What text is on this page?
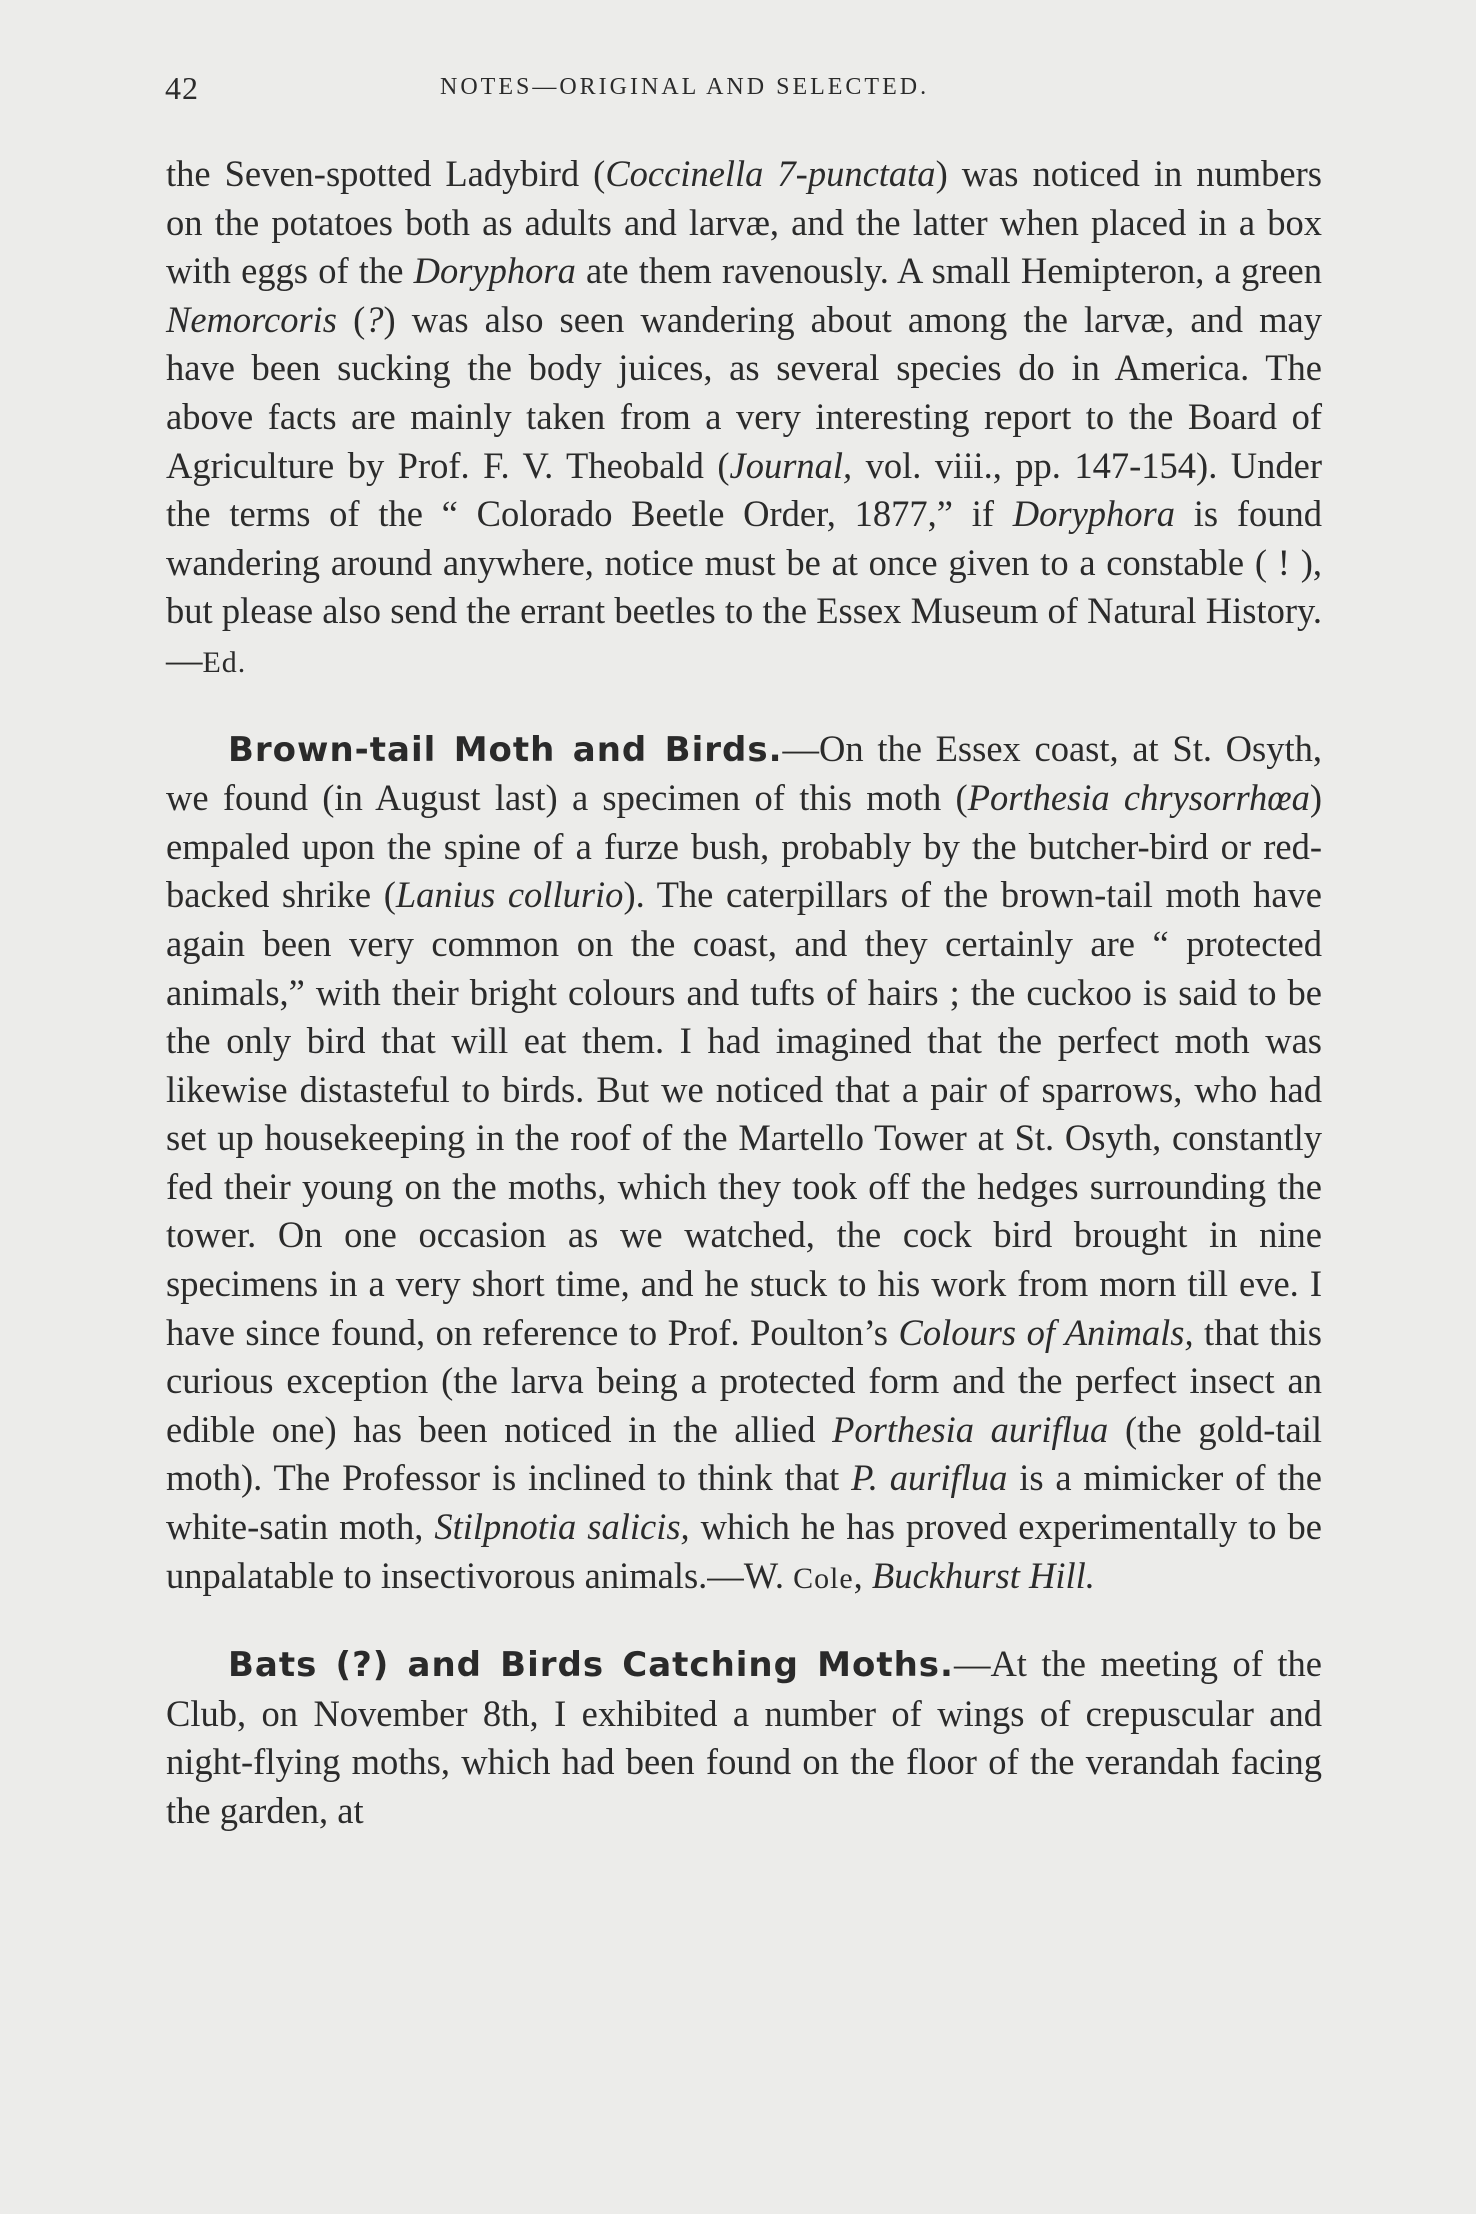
42	NOTES—ORIGINAL AND SELECTED.

the Seven-spotted Ladybird (Coccinella 7-punctata) was noticed in numbers on the potatoes both as adults and larvæ, and the latter when placed in a box with eggs of the Doryphora ate them ravenously. A small Hemipteron, a green Nemorcoris (?) was also seen wandering about among the larvæ, and may have been sucking the body juices, as several species do in America. The above facts are mainly taken from a very interesting report to the Board of Agriculture by Prof. F. V. Theobald (Journal, vol. viii., pp. 147-154). Under the terms of the “ Colorado Beetle Order, 1877,” if Doryphora is found wandering around anywhere, notice must be at once given to a constable ( ! ), but please also send the errant beetles to the Essex Museum of Natural History.—Ed.

Brown-tail Moth and Birds.—On the Essex coast, at St. Osyth, we found (in August last) a specimen of this moth (Porthesia chrysorrhœa) empaled upon the spine of a furze bush, probably by the butcher-bird or red-backed shrike (Lanius collurio). The caterpillars of the brown-tail moth have again been very common on the coast, and they certainly are “ protected animals,” with their bright colours and tufts of hairs ; the cuckoo is said to be the only bird that will eat them. I had imagined that the perfect moth was likewise distasteful to birds. But we noticed that a pair of sparrows, who had set up housekeeping in the roof of the Martello Tower at St. Osyth, constantly fed their young on the moths, which they took off the hedges surrounding the tower. On one occasion as we watched, the cock bird brought in nine specimens in a very short time, and he stuck to his work from morn till eve. I have since found, on reference to Prof. Poulton’s Colours of Animals, that this curious exception (the larva being a protected form and the perfect insect an edible one) has been noticed in the allied Porthesia auriflua (the gold-tail moth). The Professor is inclined to think that P. auriflua is a mimicker of the white-satin moth, Stilpnotia salicis, which he has proved experimentally to be unpalatable to insectivorous animals.—W. Cole, Buckhurst Hill.

Bats (?) and Birds Catching Moths.—At the meeting of the Club, on November 8th, I exhibited a number of wings of crepuscular and night-flying moths, which had been found on the floor of the verandah facing the garden, at
